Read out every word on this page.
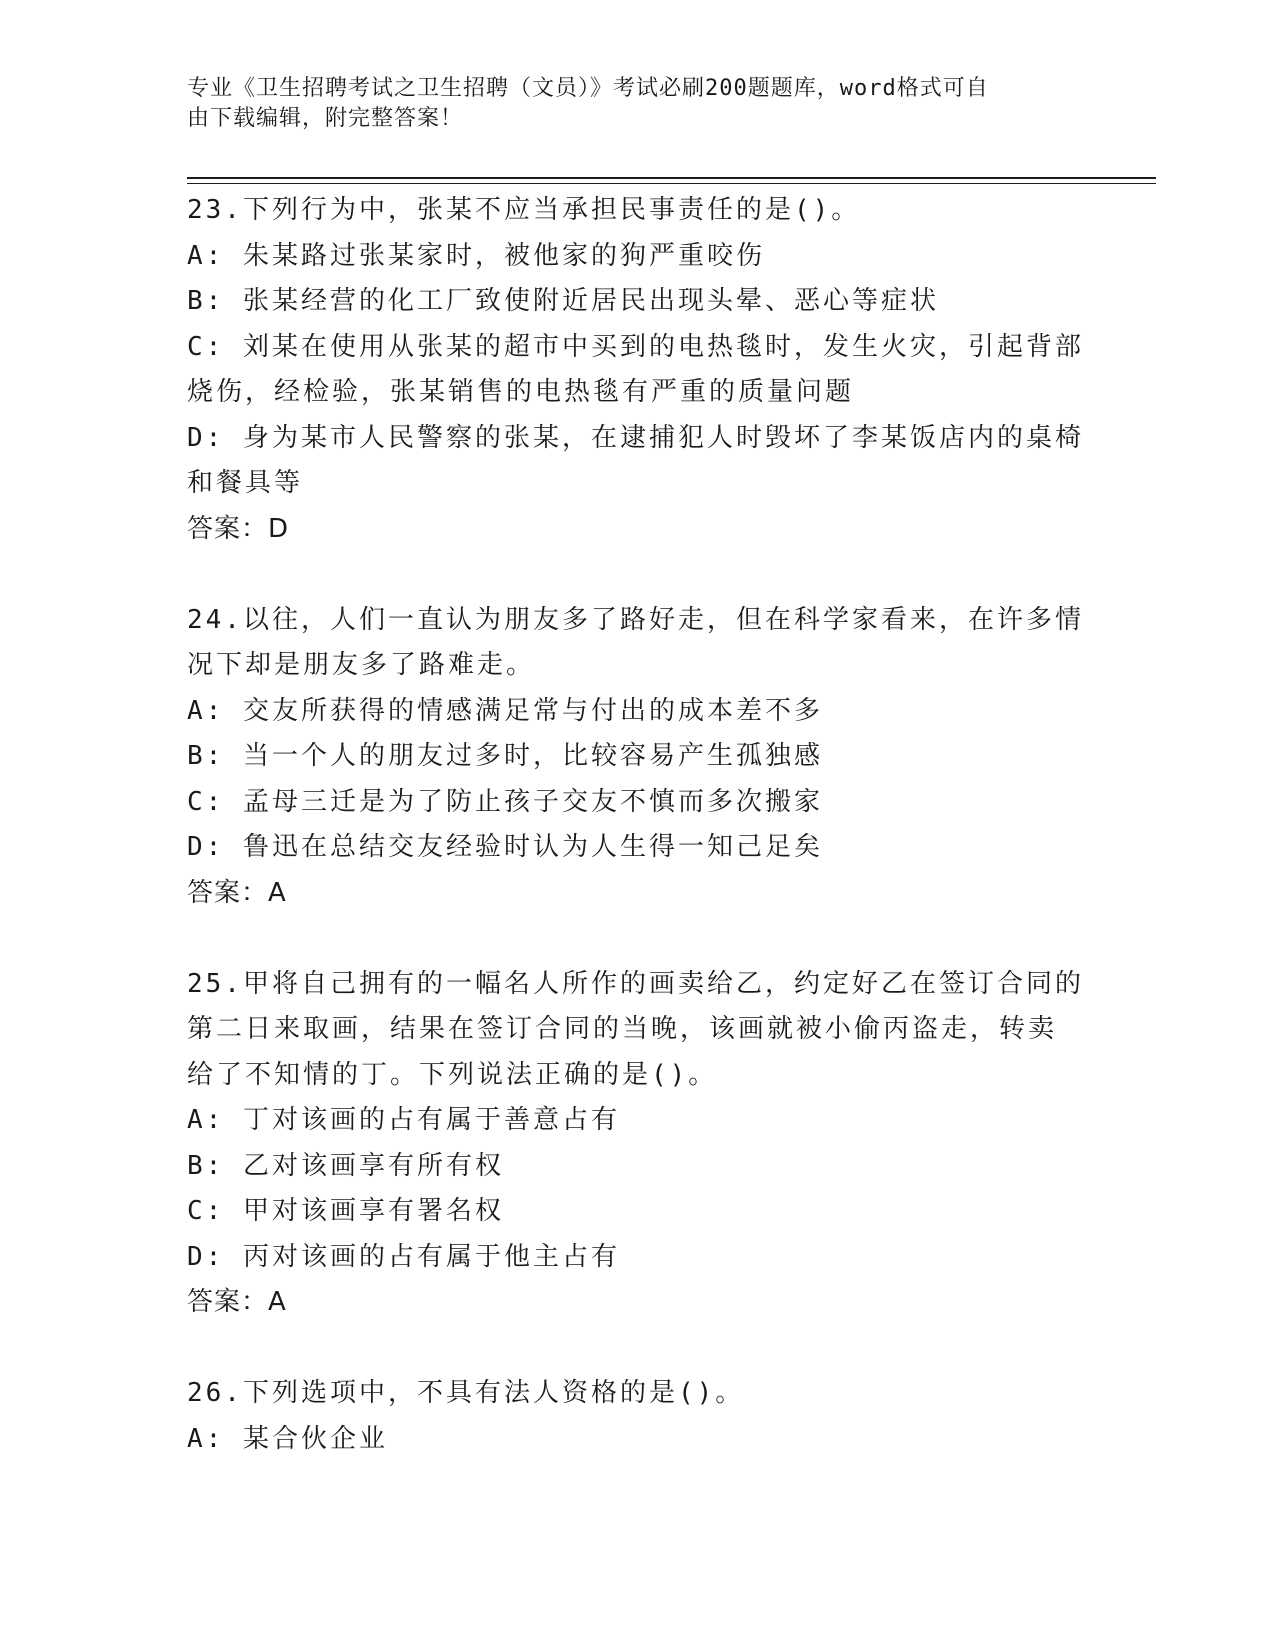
专业《卫生招聘考试之卫生招聘（文员）》考试必刷200题题库，word格式可自
由下载编辑，附完整答案！
23.下列行为中，张某不应当承担民事责任的是()。
A: 朱某路过张某家时，被他家的狗严重咬伤
B: 张某经营的化工厂致使附近居民出现头晕、恶心等症状
C: 刘某在使用从张某的超市中买到的电热毯时，发生火灾，引起背部
烧伤，经检验，张某销售的电热毯有严重的质量问题
D: 身为某市人民警察的张某，在逮捕犯人时毁坏了李某饭店内的桌椅
和餐具等
答案：D
24.以往，人们一直认为朋友多了路好走，但在科学家看来，在许多情
况下却是朋友多了路难走。
A: 交友所获得的情感满足常与付出的成本差不多
B: 当一个人的朋友过多时，比较容易产生孤独感
C: 孟母三迁是为了防止孩子交友不慎而多次搬家
D: 鲁迅在总结交友经验时认为人生得一知己足矣
答案：A
25.甲将自己拥有的一幅名人所作的画卖给乙，约定好乙在签订合同的
第二日来取画，结果在签订合同的当晚，该画就被小偷丙盗走，转卖
给了不知情的丁。下列说法正确的是()。
A: 丁对该画的占有属于善意占有
B: 乙对该画享有所有权
C: 甲对该画享有署名权
D: 丙对该画的占有属于他主占有
答案：A
26.下列选项中，不具有法人资格的是()。
A: 某合伙企业
